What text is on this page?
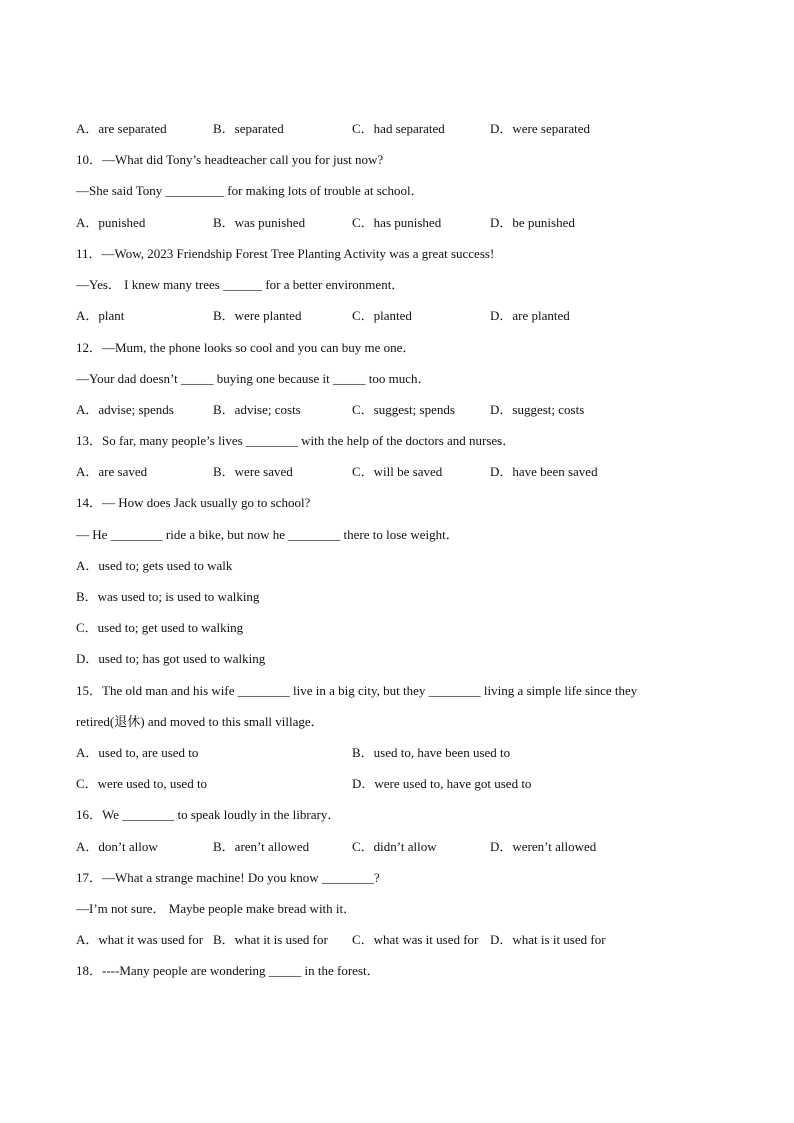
A．are separated	B．separated	C．had separated	D．were separated
10．—What did Tony’s headteacher call you for just now?
—She said Tony _________ for making lots of trouble at school．
A．punished	B．was punished	C．has punished	D．be punished
11．—Wow, 2023 Friendship Forest Tree Planting Activity was a great success!
—Yes． I knew many trees ______ for a better environment．
A．plant	B．were planted	C．planted	D．are planted
12．—Mum, the phone looks so cool and you can buy me one．
—Your dad doesn’t _____ buying one because it _____ too much．
A．advise; spends	B．advise; costs	C．suggest; spends	D．suggest; costs
13．So far, many people’s lives ________ with the help of the doctors and nurses．
A．are saved	B．were saved	C．will be saved	D．have been saved
14．— How does Jack usually go to school?
— He ________ ride a bike, but now he ________ there to lose weight．
A．used to; gets used to walk
B．was used to; is used to walking
C．used to; get used to walking
D．used to; has got used to walking
15．The old man and his wife ________ live in a big city, but they ________ living a simple life since they
retired(退休) and moved to this small village．
A．used to, are used to	B．used to, have been used to
C．were used to, used to	D．were used to, have got used to
16．We ________ to speak loudly in the library．
A．don’t allow	B．aren’t allowed	C．didn’t allow	D．weren’t allowed
17．—What a strange machine! Do you know ________?
—I’m not sure． Maybe people make bread with it．
A．what it was used for B．what it is used for C．what was it used for D．what is it used for
18．----Many people are wondering _____ in the forest．
